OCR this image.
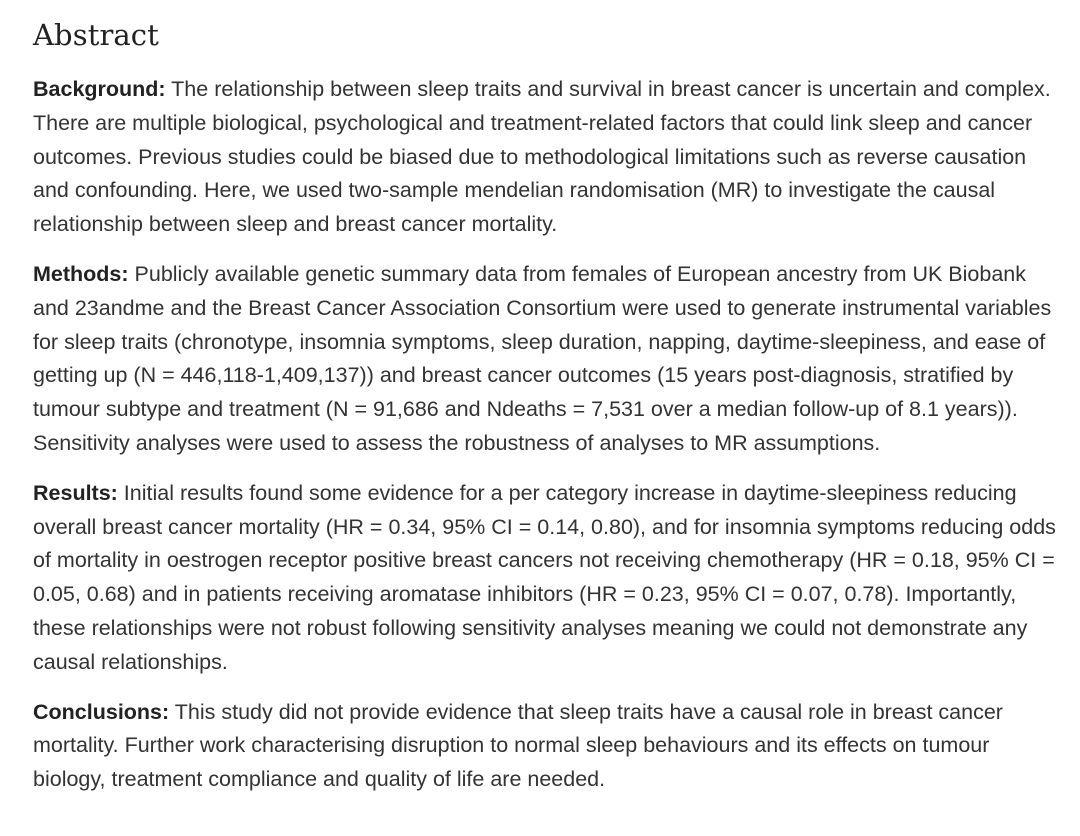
Abstract

Background: The relationship between sleep traits and survival in breast cancer is uncertain and complex. There are multiple biological, psychological and treatment-related factors that could link sleep and cancer outcomes. Previous studies could be biased due to methodological limitations such as reverse causation and confounding. Here, we used two-sample mendelian randomisation (MR) to investigate the causal relationship between sleep and breast cancer mortality.

Methods: Publicly available genetic summary data from females of European ancestry from UK Biobank and 23andme and the Breast Cancer Association Consortium were used to generate instrumental variables for sleep traits (chronotype, insomnia symptoms, sleep duration, napping, daytime-sleepiness, and ease of getting up (N = 446,118-1,409,137)) and breast cancer outcomes (15 years post-diagnosis, stratified by tumour subtype and treatment (N = 91,686 and Ndeaths = 7,531 over a median follow-up of 8.1 years)). Sensitivity analyses were used to assess the robustness of analyses to MR assumptions.

Results: Initial results found some evidence for a per category increase in daytime-sleepiness reducing overall breast cancer mortality (HR = 0.34, 95% CI = 0.14, 0.80), and for insomnia symptoms reducing odds of mortality in oestrogen receptor positive breast cancers not receiving chemotherapy (HR = 0.18, 95% CI = 0.05, 0.68) and in patients receiving aromatase inhibitors (HR = 0.23, 95% CI = 0.07, 0.78). Importantly, these relationships were not robust following sensitivity analyses meaning we could not demonstrate any causal relationships.

Conclusions: This study did not provide evidence that sleep traits have a causal role in breast cancer mortality. Further work characterising disruption to normal sleep behaviours and its effects on tumour biology, treatment compliance and quality of life are needed.
